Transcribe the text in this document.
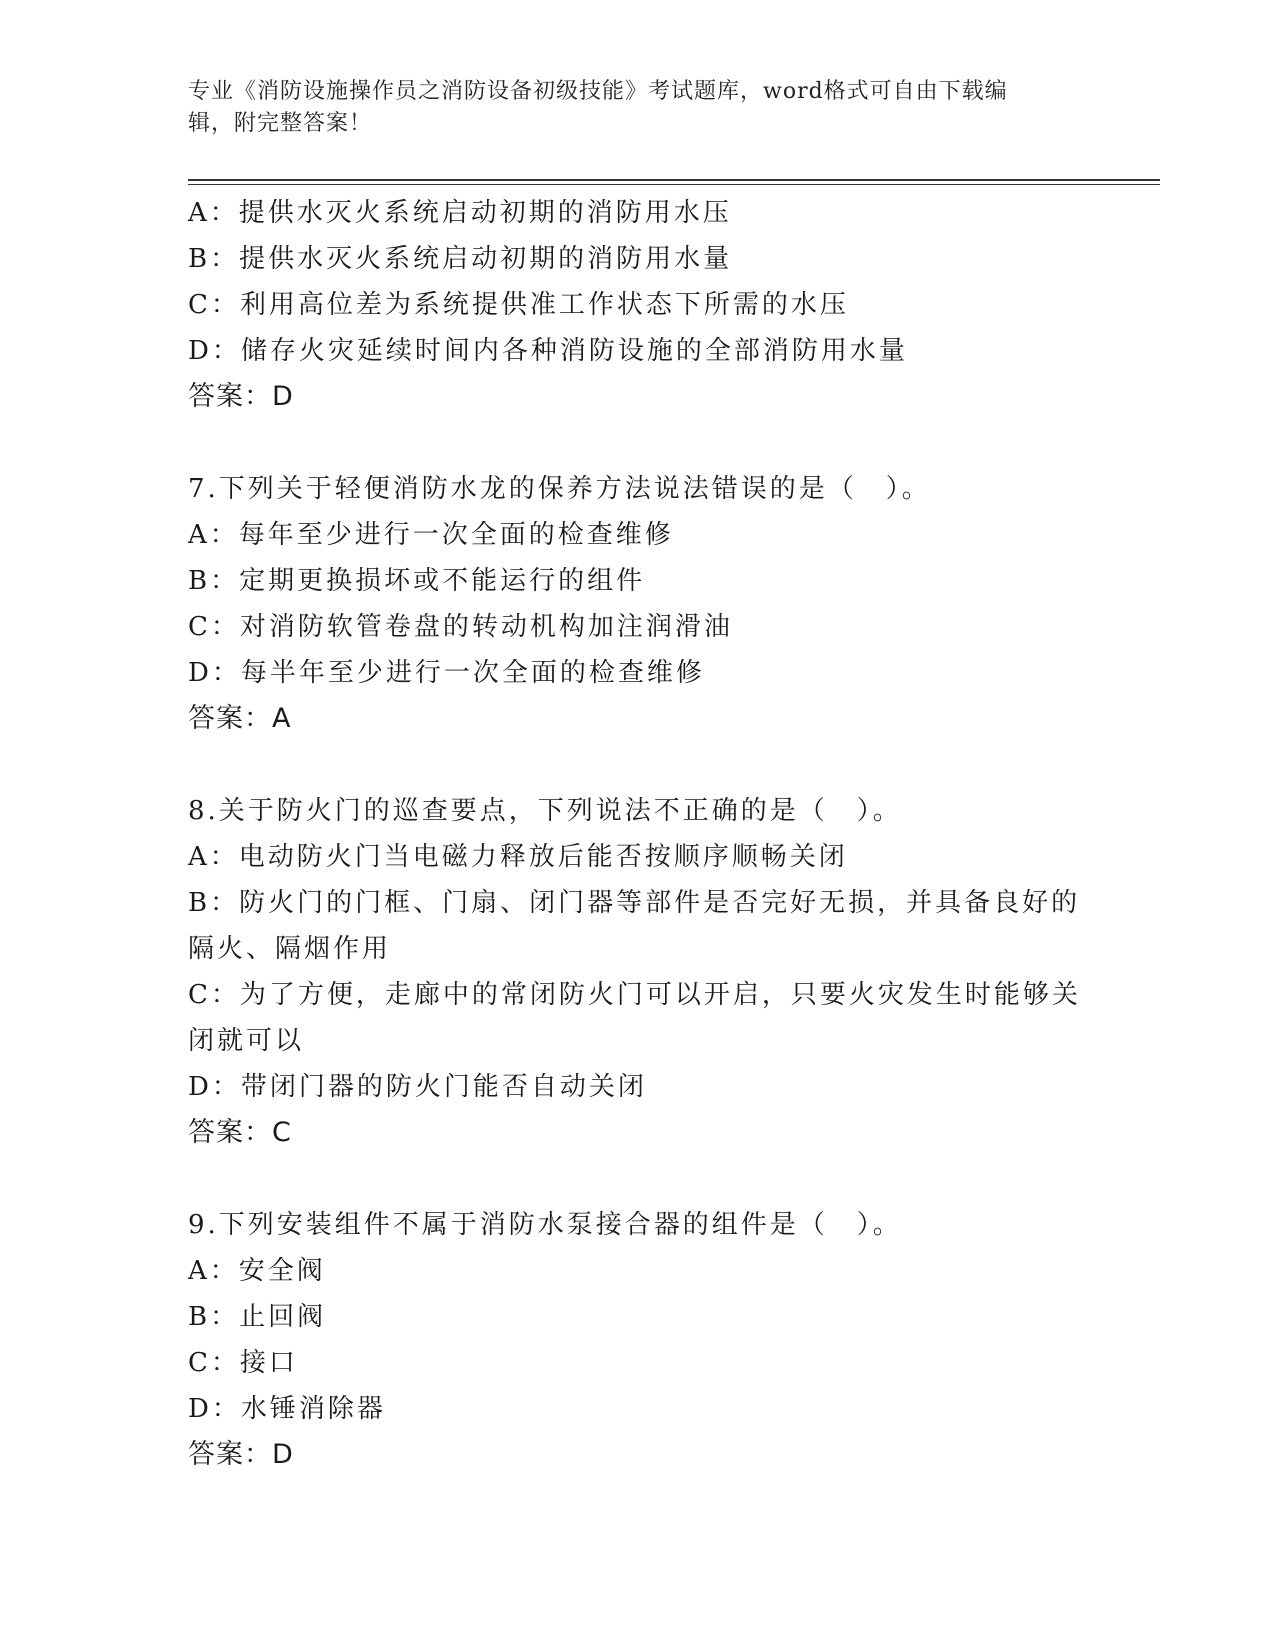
专业《消防设施操作员之消防设备初级技能》考试题库，word格式可自由下载编
辑，附完整答案！

A：提供水灭火系统启动初期的消防用水压

B：提供水灭火系统启动初期的消防用水量

C：利用高位差为系统提供准工作状态下所需的水压

D：储存火灾延续时间内各种消防设施的全部消防用水量

答案：D

7.下列关于轻便消防水龙的保养方法说法错误的是（　）。

A：每年至少进行一次全面的检查维修

B：定期更换损坏或不能运行的组件

C：对消防软管卷盘的转动机构加注润滑油

D：每半年至少进行一次全面的检查维修

答案：A

8.关于防火门的巡查要点，下列说法不正确的是（　）。

A：电动防火门当电磁力释放后能否按顺序顺畅关闭

B：防火门的门框、门扇、闭门器等部件是否完好无损，并具备良好的

隔火、隔烟作用

C：为了方便，走廊中的常闭防火门可以开启，只要火灾发生时能够关

闭就可以

D：带闭门器的防火门能否自动关闭

答案：C

9.下列安装组件不属于消防水泵接合器的组件是（　）。

A：安全阀

B：止回阀

C：接口

D：水锤消除器

答案：D
